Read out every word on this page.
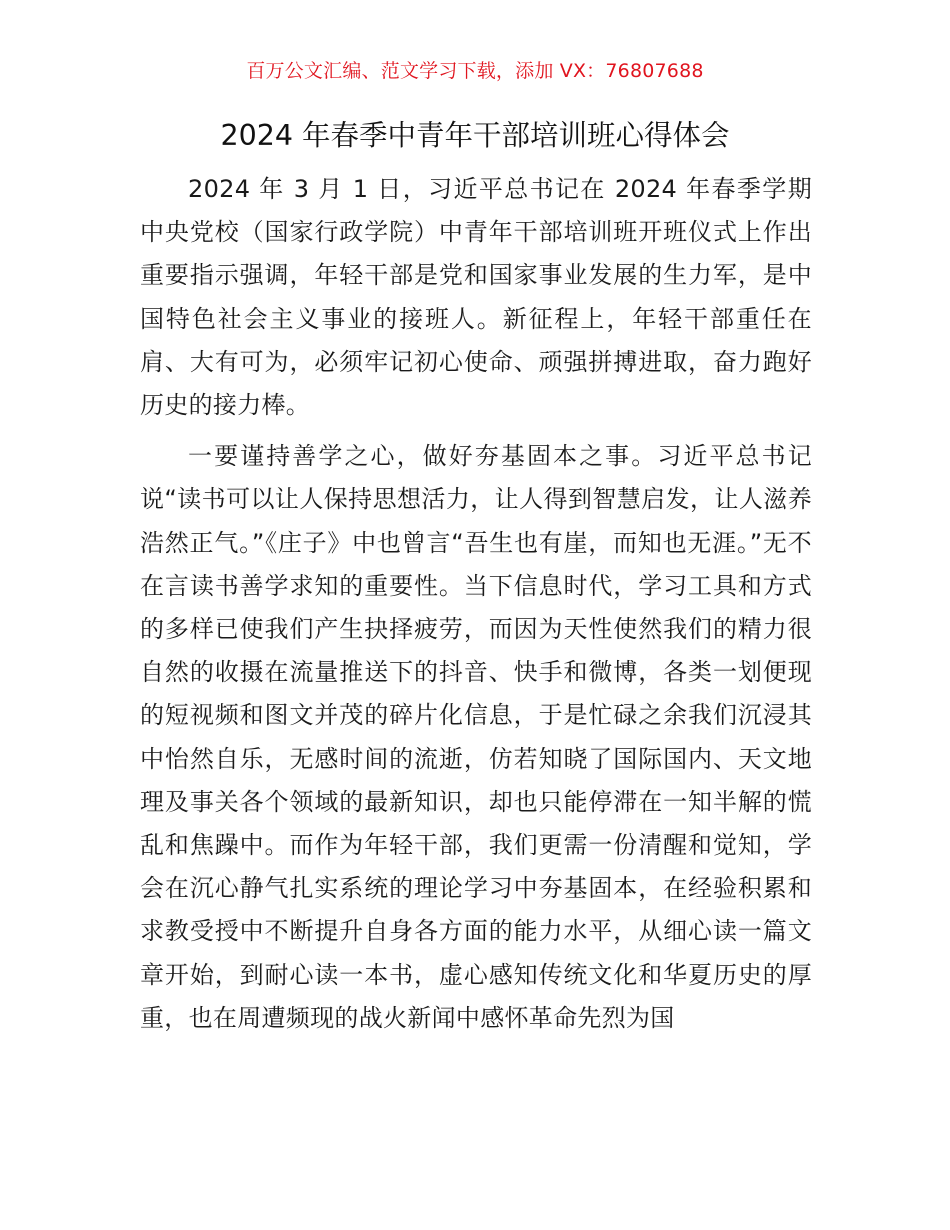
百万公文汇编、范文学习下载，添加 VX：76807688
2024 年春季中青年干部培训班心得体会

2024 年 3 月 1 日，习近平总书记在 2024 年春季学期中央党校（国家行政学院）中青年干部培训班开班仪式上作出重要指示强调，年轻干部是党和国家事业发展的生力军，是中国特色社会主义事业的接班人。新征程上，年轻干部重任在肩、大有可为，必须牢记初心使命、顽强拼搏进取，奋力跑好历史的接力棒。

一要谨持善学之心，做好夯基固本之事。习近平总书记说“读书可以让人保持思想活力，让人得到智慧启发，让人滋养浩然正气。”《庄子》中也曾言“吾生也有崖，而知也无涯。”无不在言读书善学求知的重要性。当下信息时代，学习工具和方式的多样已使我们产生抉择疲劳，而因为天性使然我们的精力很自然的收摄在流量推送下的抖音、快手和微博，各类一划便现的短视频和图文并茂的碎片化信息，于是忙碌之余我们沉浸其中怡然自乐，无感时间的流逝，仿若知晓了国际国内、天文地理及事关各个领域的最新知识，却也只能停滞在一知半解的慌乱和焦躁中。而作为年轻干部，我们更需一份清醒和觉知，学会在沉心静气扎实系统的理论学习中夯基固本，在经验积累和求教受授中不断提升自身各方面的能力水平，从细心读一篇文章开始，到耐心读一本书，虚心感知传统文化和华夏历史的厚重，也在周遭频现的战火新闻中感怀革命先烈为国
